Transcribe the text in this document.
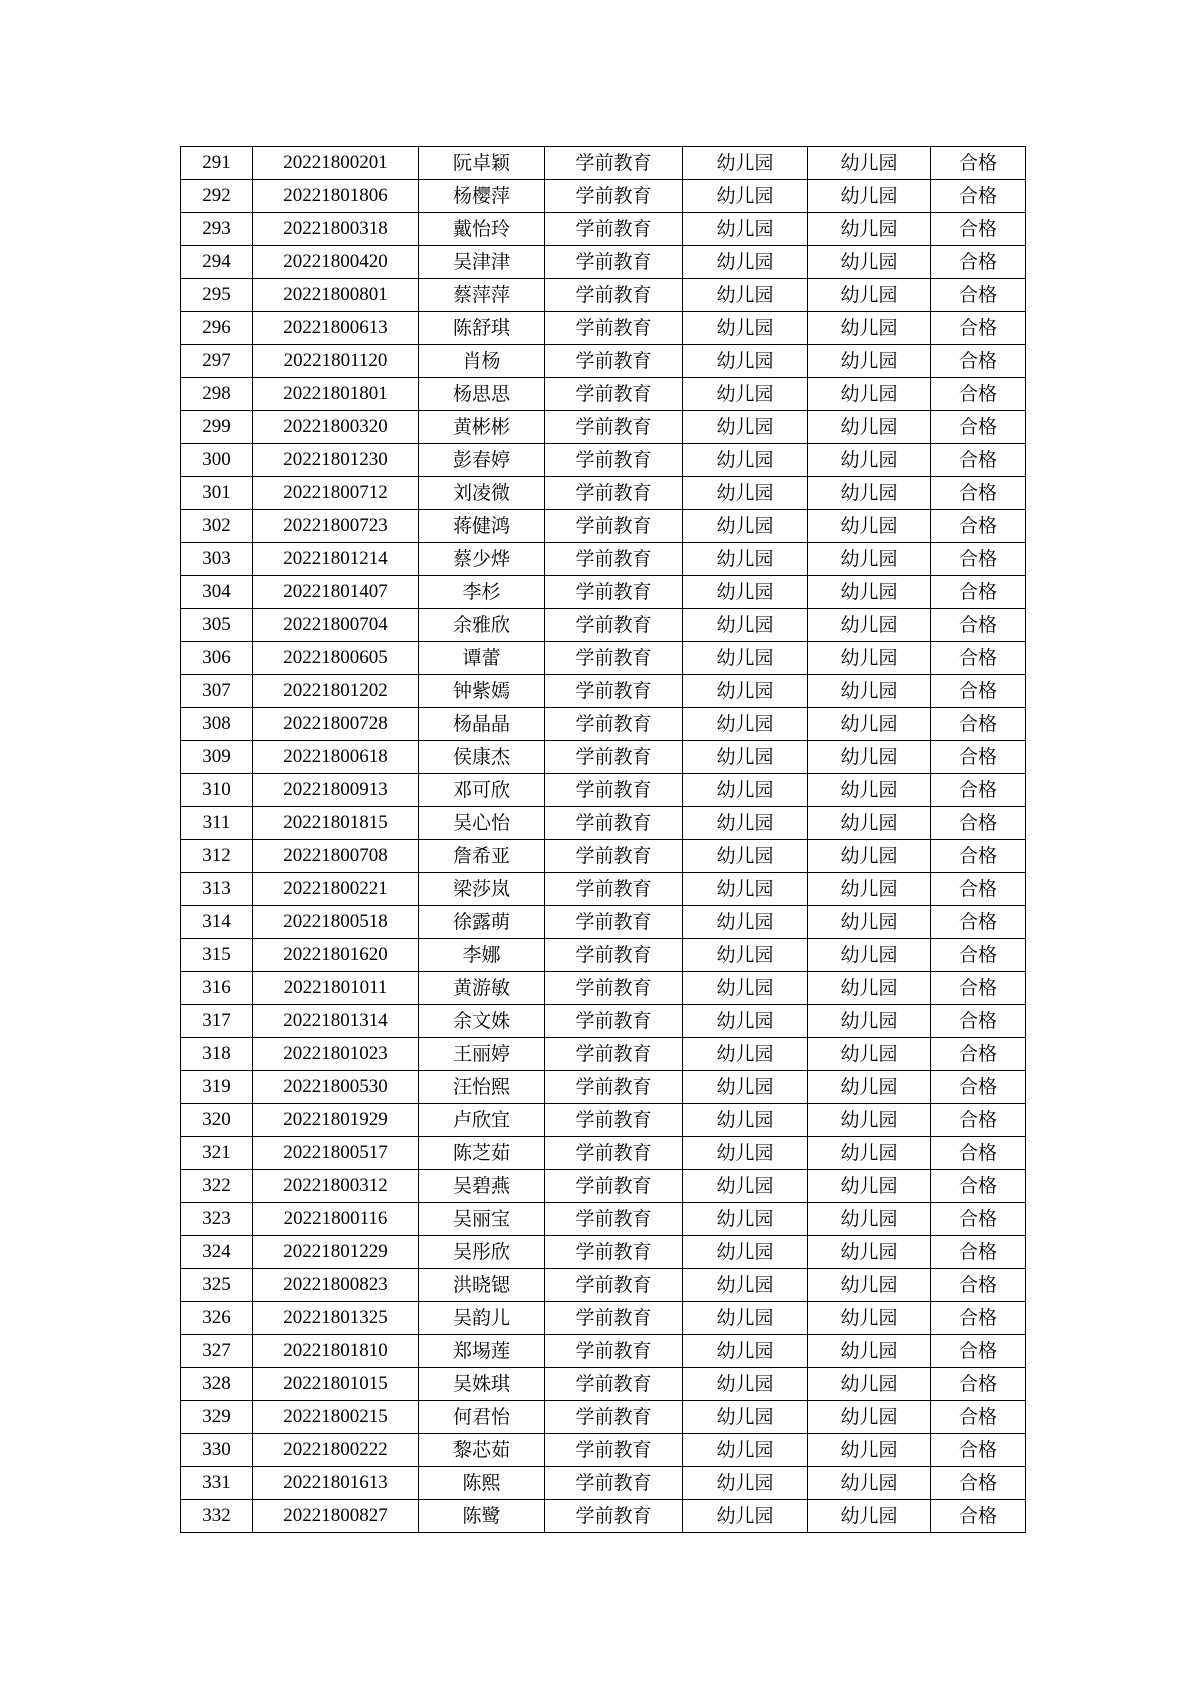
291	20221800201	阮卓颖	学前教育	幼儿园	幼儿园	合格
292	20221801806	杨樱萍	学前教育	幼儿园	幼儿园	合格
293	20221800318	戴怡玲	学前教育	幼儿园	幼儿园	合格
294	20221800420	吴津津	学前教育	幼儿园	幼儿园	合格
295	20221800801	蔡萍萍	学前教育	幼儿园	幼儿园	合格
296	20221800613	陈舒琪	学前教育	幼儿园	幼儿园	合格
297	20221801120	肖杨	学前教育	幼儿园	幼儿园	合格
298	20221801801	杨思思	学前教育	幼儿园	幼儿园	合格
299	20221800320	黄彬彬	学前教育	幼儿园	幼儿园	合格
300	20221801230	彭春婷	学前教育	幼儿园	幼儿园	合格
301	20221800712	刘凌微	学前教育	幼儿园	幼儿园	合格
302	20221800723	蒋健鸿	学前教育	幼儿园	幼儿园	合格
303	20221801214	蔡少烨	学前教育	幼儿园	幼儿园	合格
304	20221801407	李杉	学前教育	幼儿园	幼儿园	合格
305	20221800704	余雅欣	学前教育	幼儿园	幼儿园	合格
306	20221800605	谭蕾	学前教育	幼儿园	幼儿园	合格
307	20221801202	钟紫嫣	学前教育	幼儿园	幼儿园	合格
308	20221800728	杨晶晶	学前教育	幼儿园	幼儿园	合格
309	20221800618	侯康杰	学前教育	幼儿园	幼儿园	合格
310	20221800913	邓可欣	学前教育	幼儿园	幼儿园	合格
311	20221801815	吴心怡	学前教育	幼儿园	幼儿园	合格
312	20221800708	詹希亚	学前教育	幼儿园	幼儿园	合格
313	20221800221	梁莎岚	学前教育	幼儿园	幼儿园	合格
314	20221800518	徐露萌	学前教育	幼儿园	幼儿园	合格
315	20221801620	李娜	学前教育	幼儿园	幼儿园	合格
316	20221801011	黄游敏	学前教育	幼儿园	幼儿园	合格
317	20221801314	余文姝	学前教育	幼儿园	幼儿园	合格
318	20221801023	王丽婷	学前教育	幼儿园	幼儿园	合格
319	20221800530	汪怡熙	学前教育	幼儿园	幼儿园	合格
320	20221801929	卢欣宜	学前教育	幼儿园	幼儿园	合格
321	20221800517	陈芝茹	学前教育	幼儿园	幼儿园	合格
322	20221800312	吴碧燕	学前教育	幼儿园	幼儿园	合格
323	20221800116	吴丽宝	学前教育	幼儿园	幼儿园	合格
324	20221801229	吴彤欣	学前教育	幼儿园	幼儿园	合格
325	20221800823	洪晓锶	学前教育	幼儿园	幼儿园	合格
326	20221801325	吴韵儿	学前教育	幼儿园	幼儿园	合格
327	20221801810	郑埸莲	学前教育	幼儿园	幼儿园	合格
328	20221801015	吴姝琪	学前教育	幼儿园	幼儿园	合格
329	20221800215	何君怡	学前教育	幼儿园	幼儿园	合格
330	20221800222	黎芯茹	学前教育	幼儿园	幼儿园	合格
331	20221801613	陈熙	学前教育	幼儿园	幼儿园	合格
332	20221800827	陈鹭	学前教育	幼儿园	幼儿园	合格
